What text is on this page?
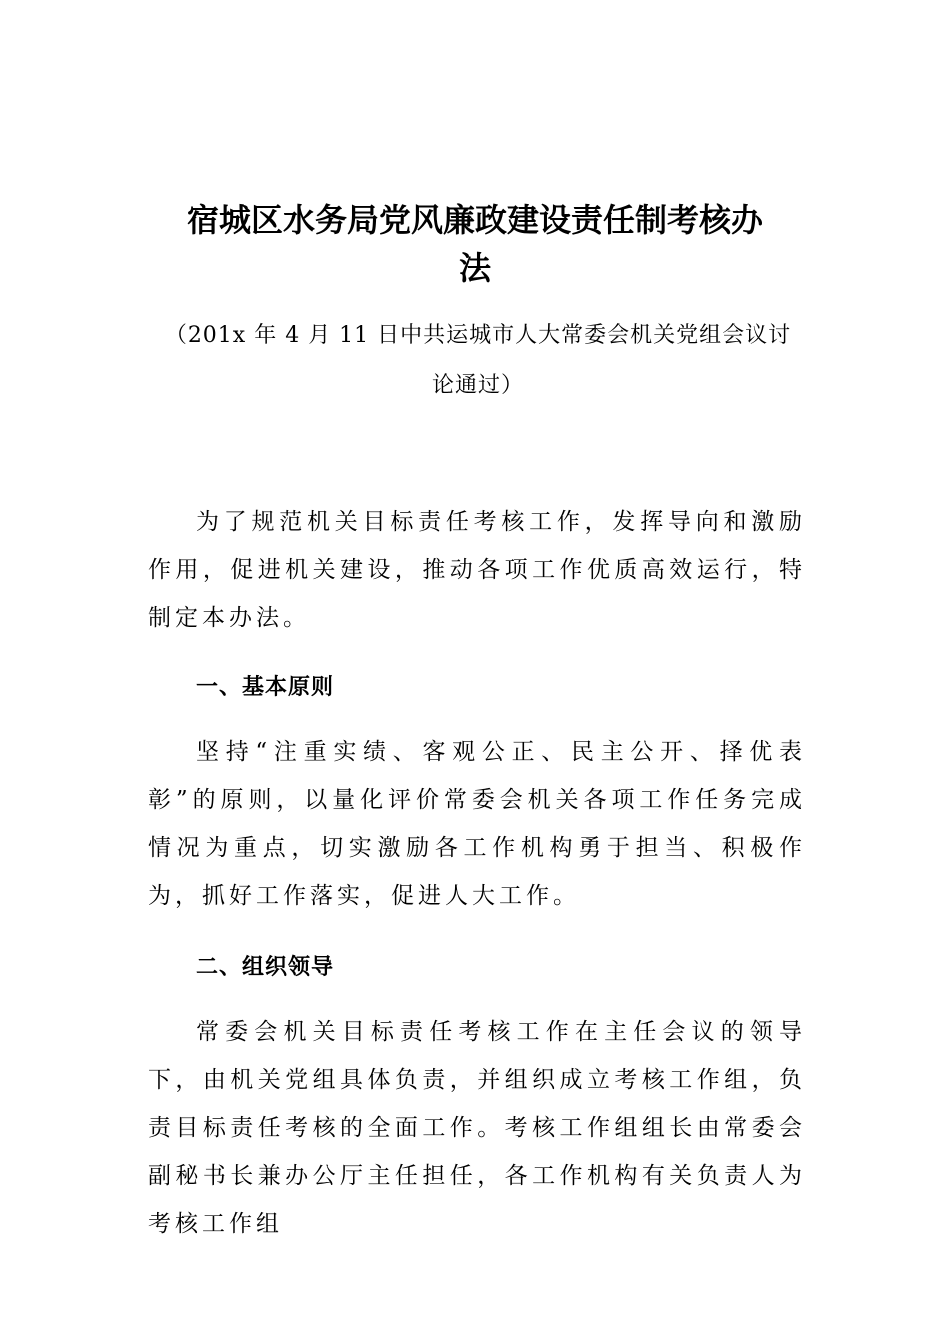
宿城区水务局党风廉政建设责任制考核办
法
（201x 年 4 月 11 日中共运城市人大常委会机关党组会议讨
论通过）

为了规范机关目标责任考核工作，发挥导向和激励作用，促进机关建设，推动各项工作优质高效运行，特制定本办法。

一、基本原则

坚持“注重实绩、客观公正、民主公开、择优表彰”的原则，以量化评价常委会机关各项工作任务完成情况为重点，切实激励各工作机构勇于担当、积极作为，抓好工作落实，促进人大工作。

二、组织领导

常委会机关目标责任考核工作在主任会议的领导下，由机关党组具体负责，并组织成立考核工作组，负责目标责任考核的全面工作。考核工作组组长由常委会副秘书长兼办公厅主任担任，各工作机构有关负责人为考核工作组
